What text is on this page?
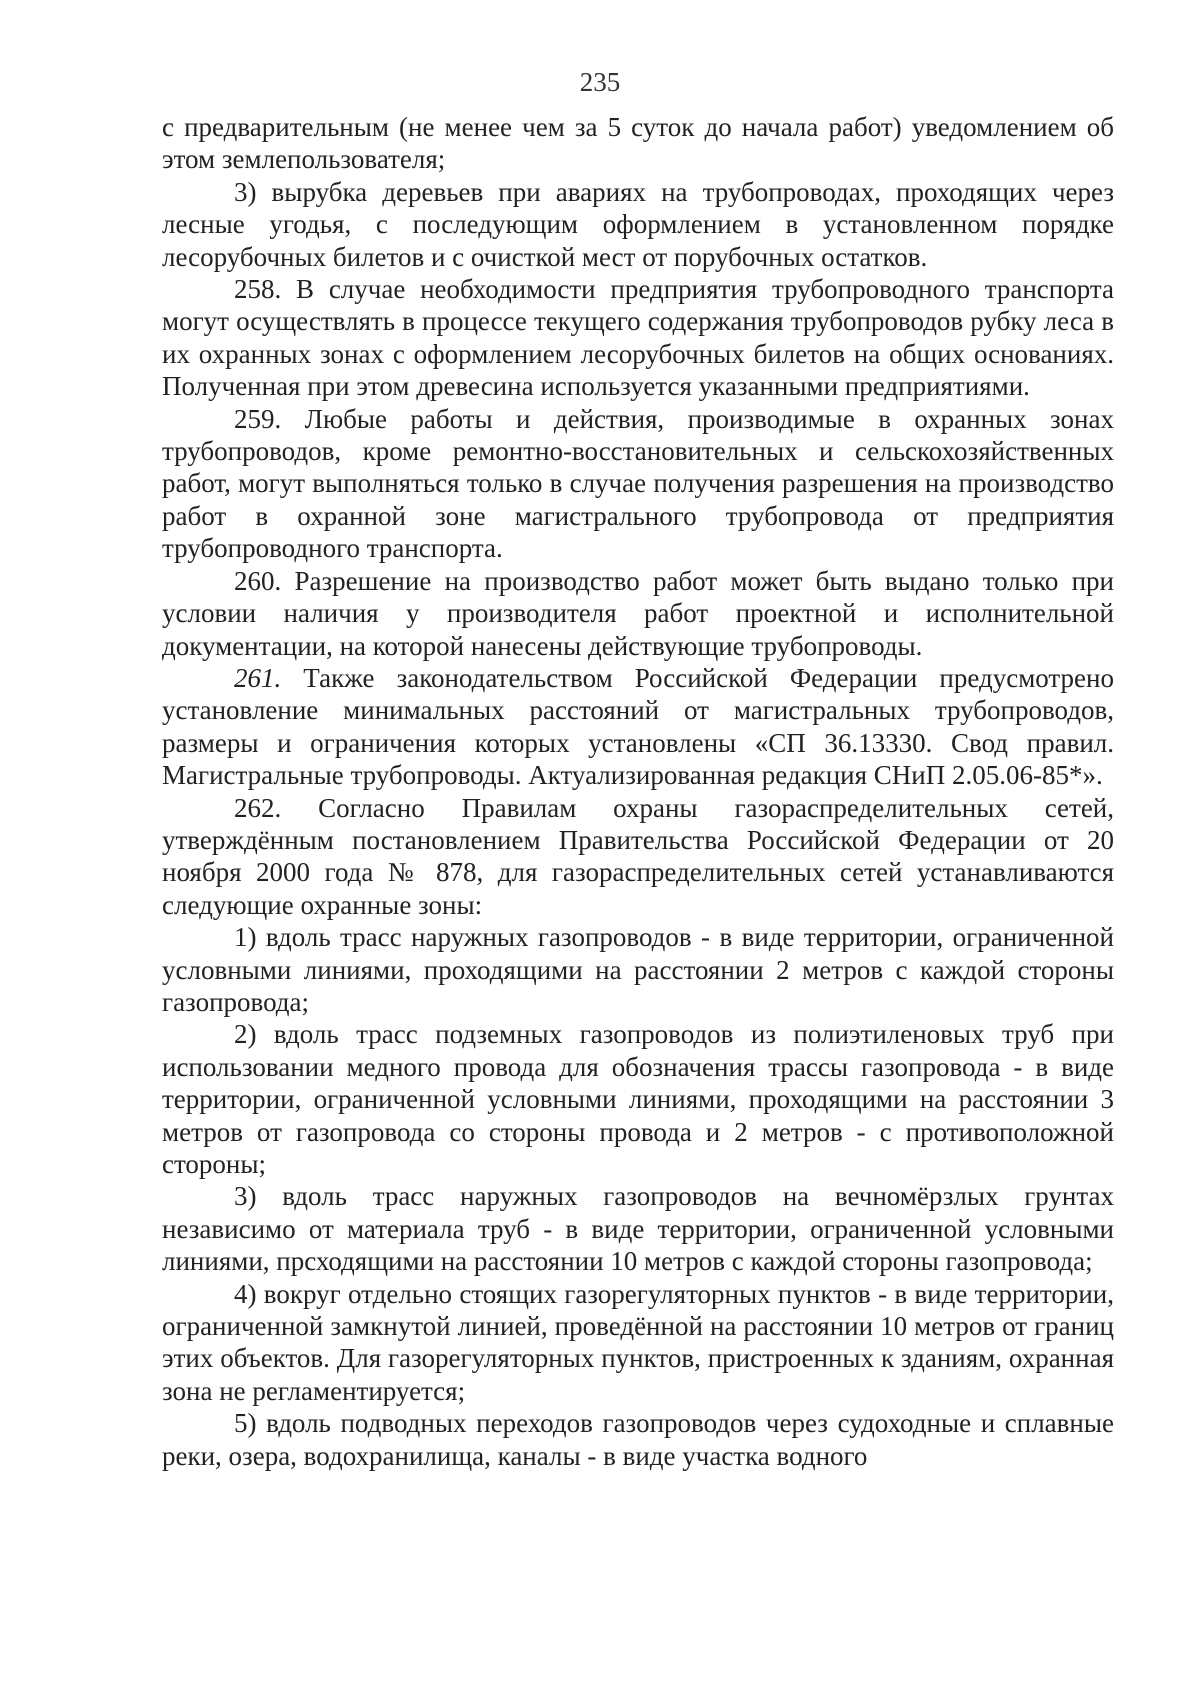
235

с предварительным (не менее чем за 5 суток до начала работ) уведомлением об этом землепользователя;

3) вырубка деревьев при авариях на трубопроводах, проходящих через лесные угодья, с последующим оформлением в установленном порядке лесорубочных билетов и с очисткой мест от порубочных остатков.

258. В случае необходимости предприятия трубопроводного транспорта могут осуществлять в процессе текущего содержания трубопроводов рубку леса в их охранных зонах с оформлением лесорубочных билетов на общих основаниях. Полученная при этом древесина используется указанными предприятиями.

259. Любые работы и действия, производимые в охранных зонах трубопроводов, кроме ремонтно-восстановительных и сельскохозяйственных работ, могут выполняться только в случае получения разрешения на производство работ в охранной зоне магистрального трубопровода от предприятия трубопроводного транспорта.

260. Разрешение на производство работ может быть выдано только при условии наличия у производителя работ проектной и исполнительной документации, на которой нанесены действующие трубопроводы.

261. Также законодательством Российской Федерации предусмотрено установление минимальных расстояний от магистральных трубопроводов, размеры и ограничения которых установлены «СП 36.13330. Свод правил. Магистральные трубопроводы. Актуализированная редакция СНиП 2.05.06-85*».

262. Согласно Правилам охраны газораспределительных сетей, утверждённым постановлением Правительства Российской Федерации от 20 ноября 2000 года № 878, для газораспределительных сетей устанавливаются следующие охранные зоны:

1) вдоль трасс наружных газопроводов - в виде территории, ограниченной условными линиями, проходящими на расстоянии 2 метров с каждой стороны газопровода;

2) вдоль трасс подземных газопроводов из полиэтиленовых труб при использовании медного провода для обозначения трассы газопровода - в виде территории, ограниченной условными линиями, проходящими на расстоянии 3 метров от газопровода со стороны провода и 2 метров - с противоположной стороны;

3) вдоль трасс наружных газопроводов на вечномёрзлых грунтах независимо от материала труб - в виде территории, ограниченной условными линиями, прсходящими на расстоянии 10 метров с каждой стороны газопровода;

4) вокруг отдельно стоящих газорегуляторных пунктов - в виде территории, ограниченной замкнутой линией, проведённой на расстоянии 10 метров от границ этих объектов. Для газорегуляторных пунктов, пристроенных к зданиям, охранная зона не регламентируется;

5) вдоль подводных переходов газопроводов через судоходные и сплавные реки, озера, водохранилища, каналы - в виде участка водного
